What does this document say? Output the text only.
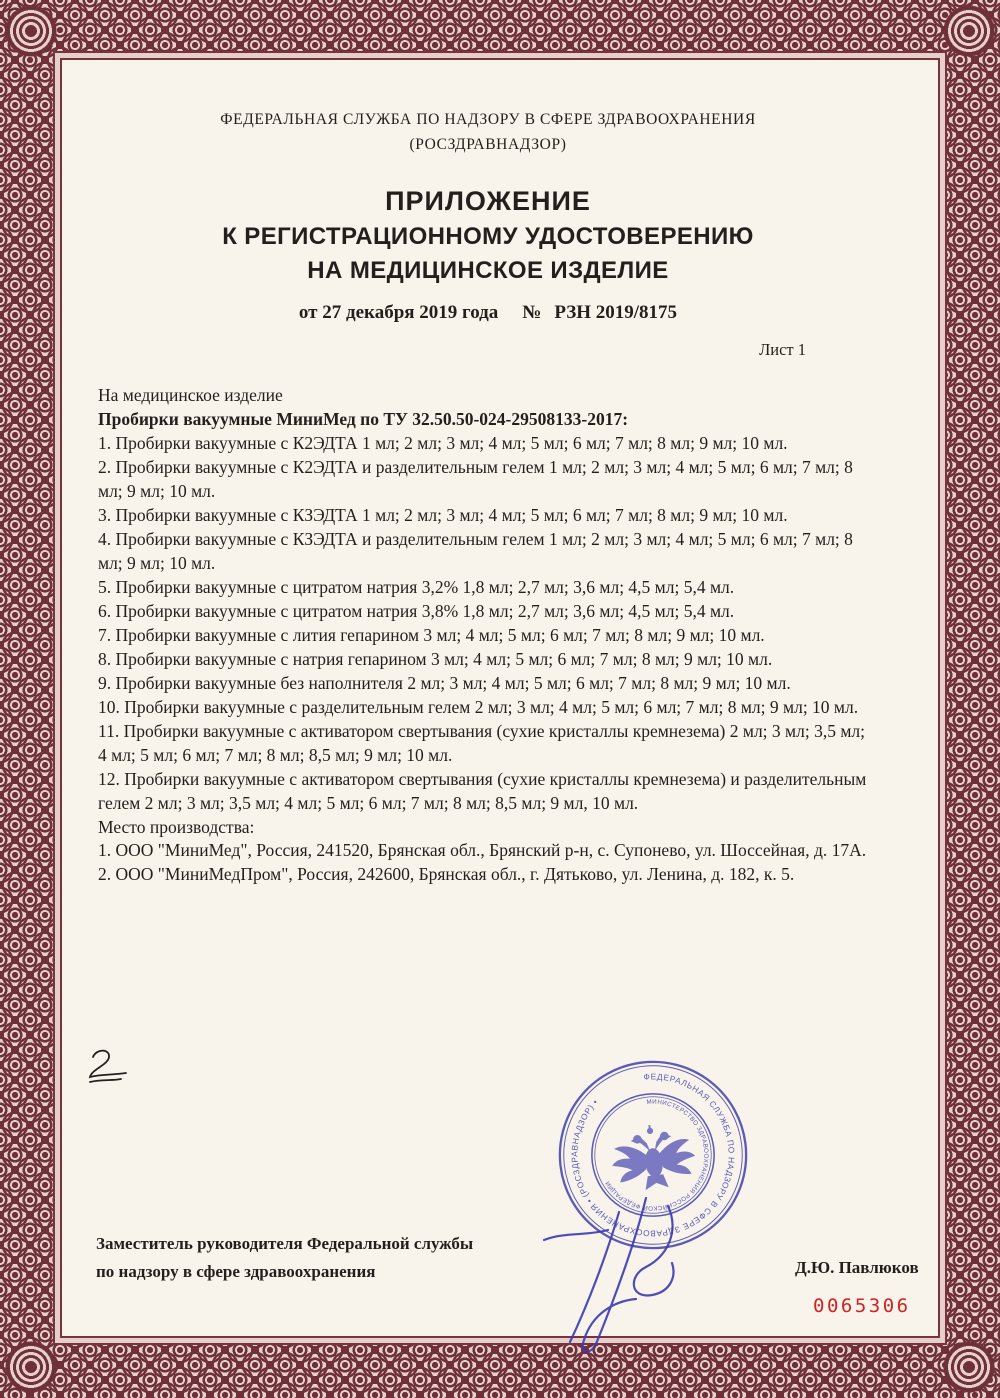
ФЕДЕРАЛЬНАЯ СЛУЖБА ПО НАДЗОРУ В СФЕРЕ ЗДРАВООХРАНЕНИЯ
(РОСЗДРАВНАДЗОР)
ПРИЛОЖЕНИЕ
К РЕГИСТРАЦИОННОМУ УДОСТОВЕРЕНИЮ
НА МЕДИЦИНСКОЕ ИЗДЕЛИЕ
от 27 декабря 2019 года № РЗН 2019/8175
Лист 1

На медицинское изделие

Пробирки вакуумные МиниМед по ТУ 32.50.50-024-29508133-2017:

1. Пробирки вакуумные с К2ЭДТА 1 мл; 2 мл; 3 мл; 4 мл; 5 мл; 6 мл; 7 мл; 8 мл; 9 мл; 10 мл.

2. Пробирки вакуумные с К2ЭДТА и разделительным гелем 1 мл; 2 мл; 3 мл; 4 мл; 5 мл; 6 мл; 7 мл; 8 мл; 9 мл; 10 мл.

3. Пробирки вакуумные с КЗЭДТА 1 мл; 2 мл; 3 мл; 4 мл; 5 мл; 6 мл; 7 мл; 8 мл; 9 мл; 10 мл.

4. Пробирки вакуумные с КЗЭДТА и разделительным гелем 1 мл; 2 мл; 3 мл; 4 мл; 5 мл; 6 мл; 7 мл; 8 мл; 9 мл; 10 мл.

5. Пробирки вакуумные с цитратом натрия 3,2% 1,8 мл; 2,7 мл; 3,6 мл; 4,5 мл; 5,4 мл.

6. Пробирки вакуумные с цитратом натрия 3,8% 1,8 мл; 2,7 мл; 3,6 мл; 4,5 мл; 5,4 мл.

7. Пробирки вакуумные с лития гепарином 3 мл; 4 мл; 5 мл; 6 мл; 7 мл; 8 мл; 9 мл; 10 мл.

8. Пробирки вакуумные с натрия гепарином 3 мл; 4 мл; 5 мл; 6 мл; 7 мл; 8 мл; 9 мл; 10 мл.

9. Пробирки вакуумные без наполнителя 2 мл; 3 мл; 4 мл; 5 мл; 6 мл; 7 мл; 8 мл; 9 мл; 10 мл.

10. Пробирки вакуумные с разделительным гелем 2 мл; 3 мл; 4 мл; 5 мл; 6 мл; 7 мл; 8 мл; 9 мл; 10 мл.

11. Пробирки вакуумные с активатором свертывания (сухие кристаллы кремнезема) 2 мл; 3 мл; 3,5 мл; 4 мл; 5 мл; 6 мл; 7 мл; 8 мл; 8,5 мл; 9 мл; 10 мл.

12. Пробирки вакуумные с активатором свертывания (сухие кристаллы кремнезема) и разделительным гелем 2 мл; 3 мл; 3,5 мл; 4 мл; 5 мл; 6 мл; 7 мл; 8 мл; 8,5 мл; 9 мл, 10 мл.

Место производства:

1. ООО "МиниМед", Россия, 241520, Брянская обл., Брянский р-н, с. Супонево, ул. Шоссейная, д. 17А.

2. ООО "МиниМедПром", Россия, 242600, Брянская обл., г. Дятьково, ул. Ленина, д. 182, к. 5.

ФЕДЕРАЛЬНАЯ СЛУЖБА ПО НАДЗОРУ В СФЕРЕ ЗДРАВООХРАНЕНИЯ • (РОСЗДРАВНАДЗОР) •	МИНИСТЕРСТВО ЗДРАВООХРАНЕНИЯ РОССИЙСКОЙ ФЕДЕРАЦИИ
Заместитель руководителя Федеральной службы
по надзору в сфере здравоохранения	Д.Ю. Павлюков
0065306
